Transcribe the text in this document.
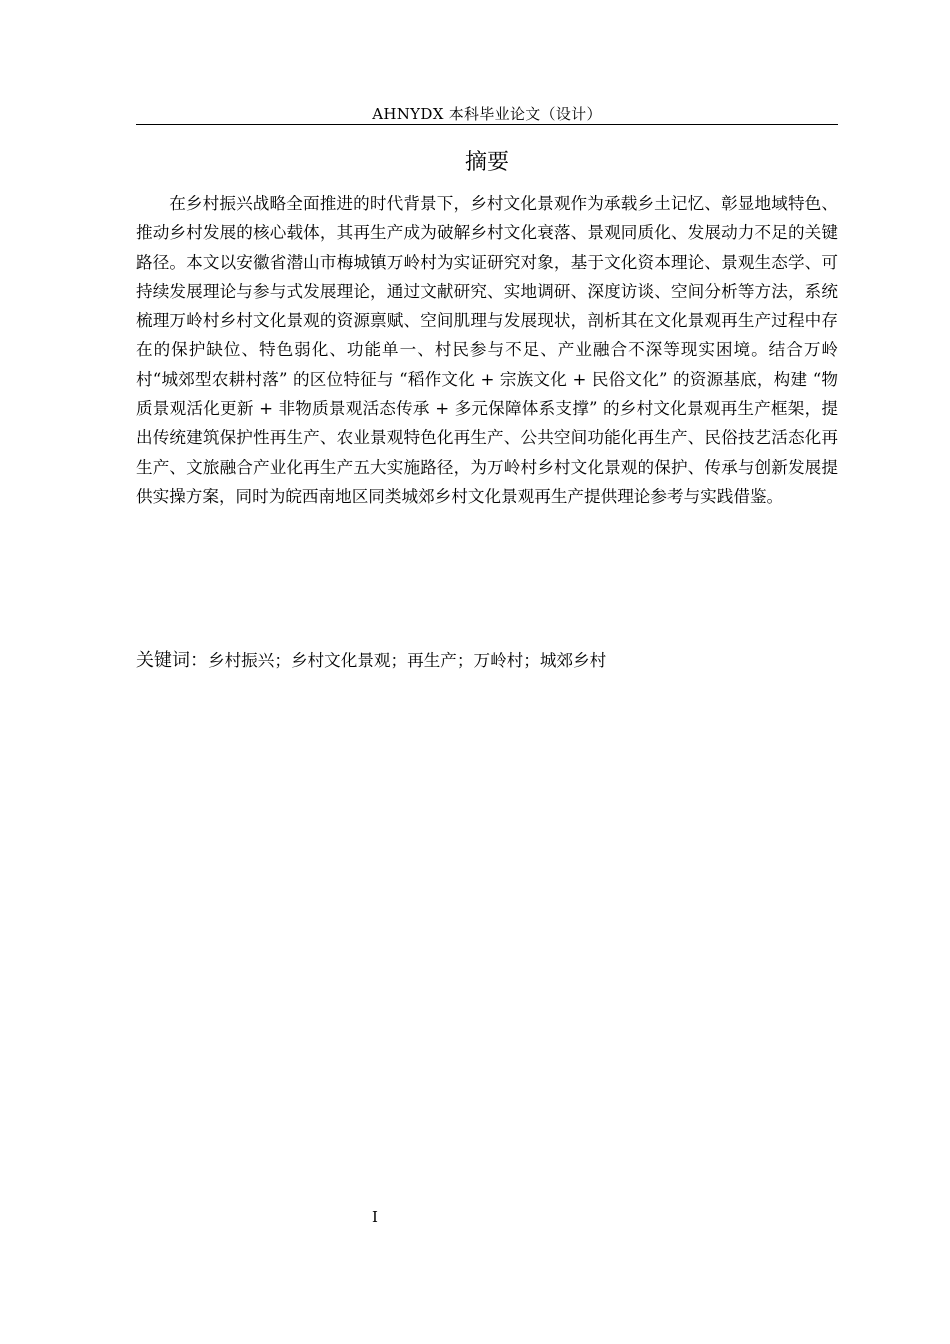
AHNYDX 本科毕业论文（设计）
摘要

在乡村振兴战略全面推进的时代背景下，乡村文化景观作为承载乡土记忆、彰显地域特色、推动乡村发展的核心载体，其再生产成为破解乡村文化衰落、景观同质化、发展动力不足的关键路径。本文以安徽省潜山市梅城镇万岭村为实证研究对象，基于文化资本理论、景观生态学、可持续发展理论与参与式发展理论，通过文献研究、实地调研、深度访谈、空间分析等方法，系统梳理万岭村乡村文化景观的资源禀赋、空间肌理与发展现状，剖析其在文化景观再生产过程中存在的保护缺位、特色弱化、功能单一、村民参与不足、产业融合不深等现实困境。结合万岭村“城郊型农耕村落” 的区位特征与 “稻作文化 + 宗族文化 + 民俗文化” 的资源基底，构建 “物质景观活化更新 + 非物质景观活态传承 + 多元保障体系支撑” 的乡村文化景观再生产框架，提出传统建筑保护性再生产、农业景观特色化再生产、公共空间功能化再生产、民俗技艺活态化再生产、文旅融合产业化再生产五大实施路径，为万岭村乡村文化景观的保护、传承与创新发展提供实操方案，同时为皖西南地区同类城郊乡村文化景观再生产提供理论参考与实践借鉴。

关键词：乡村振兴；乡村文化景观；再生产；万岭村；城郊乡村
I
